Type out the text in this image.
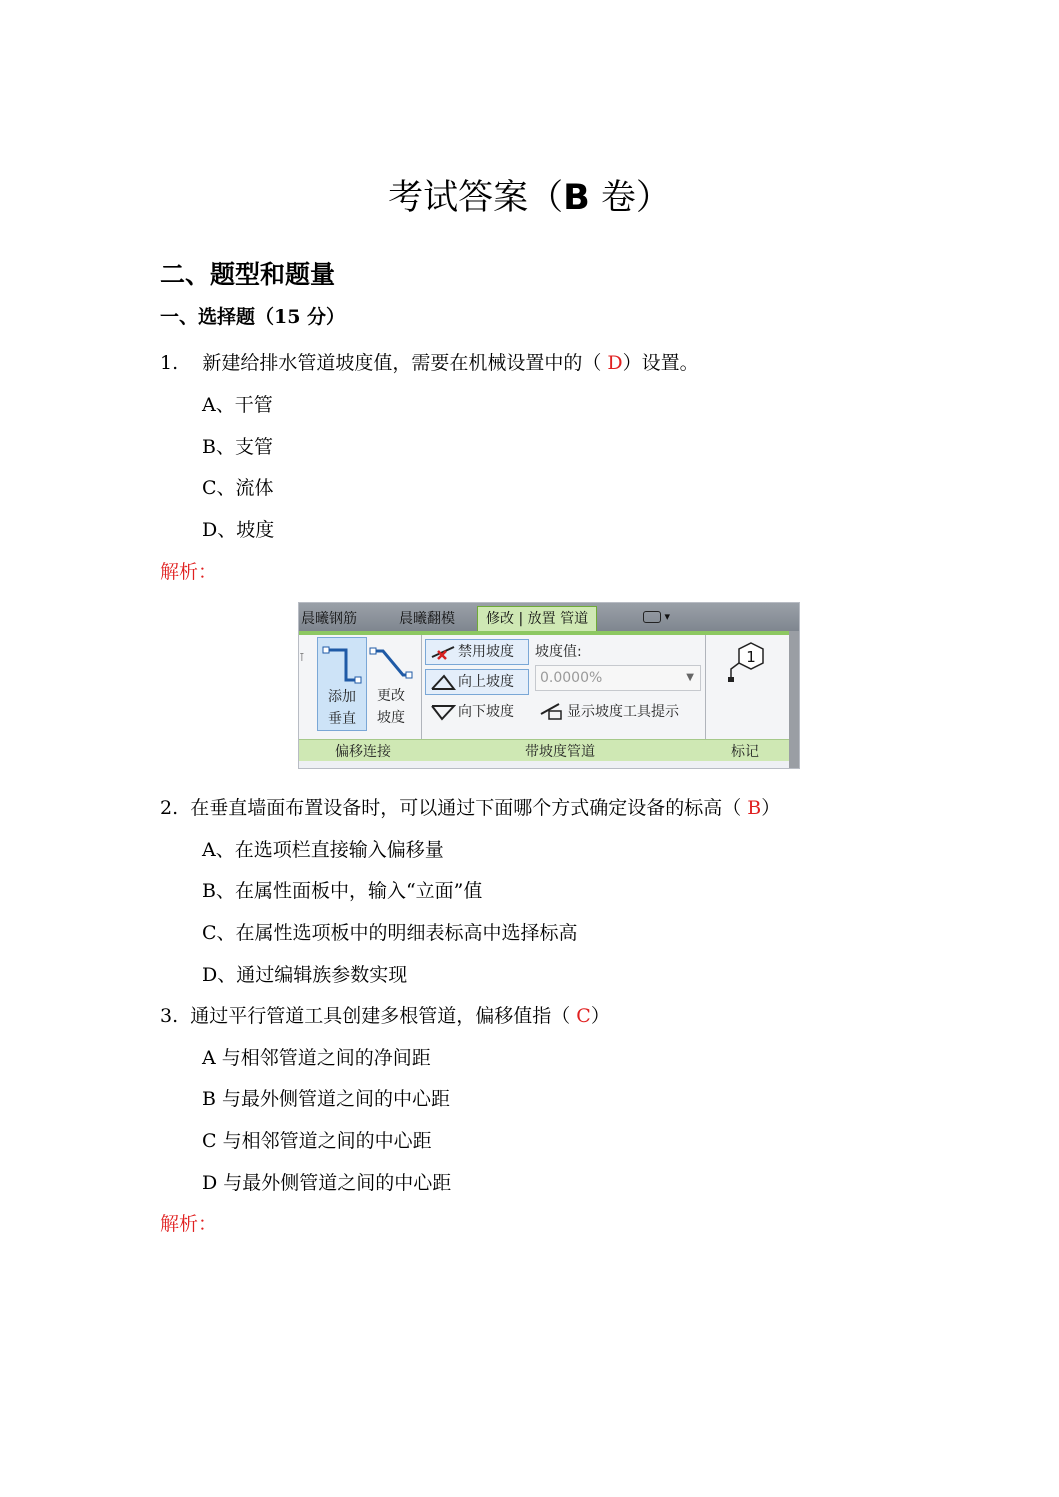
考试答案（B 卷）
二、题型和题量
一、选择题（15 分）
1. 新建给排水管道坡度值，需要在机械设置中的（ D）设置。
A、干管
B、支管
C、流体
D、坡度
解析：
晨曦钢筋	晨曦翻模	修改 | 放置 管道	▾
⊺
添加
垂直
更改
坡度
禁用坡度
向上坡度
向下坡度
坡度值:
0.0000%	▼
显示坡度工具提示
1

偏移连接	带坡度管道	标记
2. 在垂直墙面布置设备时，可以通过下面哪个方式确定设备的标高（ B）
A、在选项栏直接输入偏移量
B、在属性面板中，输入“立面”值
C、在属性选项板中的明细表标高中选择标高
D、通过编辑族参数实现
3. 通过平行管道工具创建多根管道，偏移值指（ C）
A 与相邻管道之间的净间距
B 与最外侧管道之间的中心距
C 与相邻管道之间的中心距
D 与最外侧管道之间的中心距
解析：
